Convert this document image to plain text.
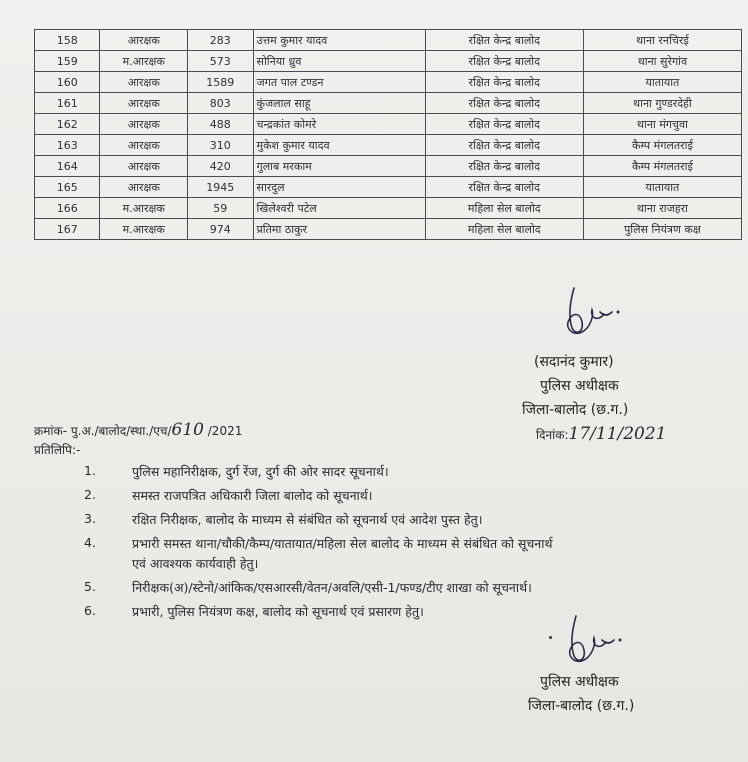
158	आरक्षक	283	उत्तम कुमार यादव	रक्षित केन्द्र बालोद	थाना रनचिरई
159	म.आरक्षक	573	सोनिया ध्रुव	रक्षित केन्द्र बालोद	थाना सुरेगांव
160	आरक्षक	1589	जगत पाल टण्डन	रक्षित केन्द्र बालोद	यातायात
161	आरक्षक	803	कुंजलाल साहू	रक्षित केन्द्र बालोद	थाना गुण्डरदेही
162	आरक्षक	488	चन्द्रकांत कोमरे	रक्षित केन्द्र बालोद	थाना मंगचुवा
163	आरक्षक	310	मुकेश कुमार यादव	रक्षित केन्द्र बालोद	कैम्प मंगलतराई
164	आरक्षक	420	गुलाब मरकाम	रक्षित केन्द्र बालोद	कैम्प मंगलतराई
165	आरक्षक	1945	सारदुल	रक्षित केन्द्र बालोद	यातायात
166	म.आरक्षक	59	खिलेश्वरी पटेल	महिला सेल बालोद	थाना राजहरा
167	म.आरक्षक	974	प्रतिमा ठाकुर	महिला सेल बालोद	पुलिस नियंत्रण कक्ष
(सदानंद कुमार)
पुलिस अधीक्षक
जिला-बालोद (छ.ग.)
क्रमांक- पु.अ./बालोद/स्था./एच/610 /2021	दिनांक:17/11/2021
प्रतिलिपि:-
1.	पुलिस महानिरीक्षक, दुर्ग रेंज, दुर्ग की ओर सादर सूचनार्थ।
2.	समस्त राजपत्रित अधिकारी जिला बालोद को सूचनार्थ।
3.	रक्षित निरीक्षक, बालोद के माध्यम से संबंधित को सूचनार्थ एवं आदेश पुस्त हेतु।
4.	प्रभारी समस्त थाना/चौकी/कैम्प/यातायात/महिला सेल बालोद के माध्यम से संबंधित को सूचनार्थ
एवं आवश्यक कार्यवाही हेतु।
5.	निरीक्षक(अ)/स्टेनो/आंकिक/एसआरसी/वेतन/अवलि/एसी-1/फण्ड/टीए शाखा को सूचनार्थ।
6.	प्रभारी, पुलिस नियंत्रण कक्ष, बालोद को सूचनार्थ एवं प्रसारण हेतु।
पुलिस अधीक्षक
जिला-बालोद (छ.ग.)
